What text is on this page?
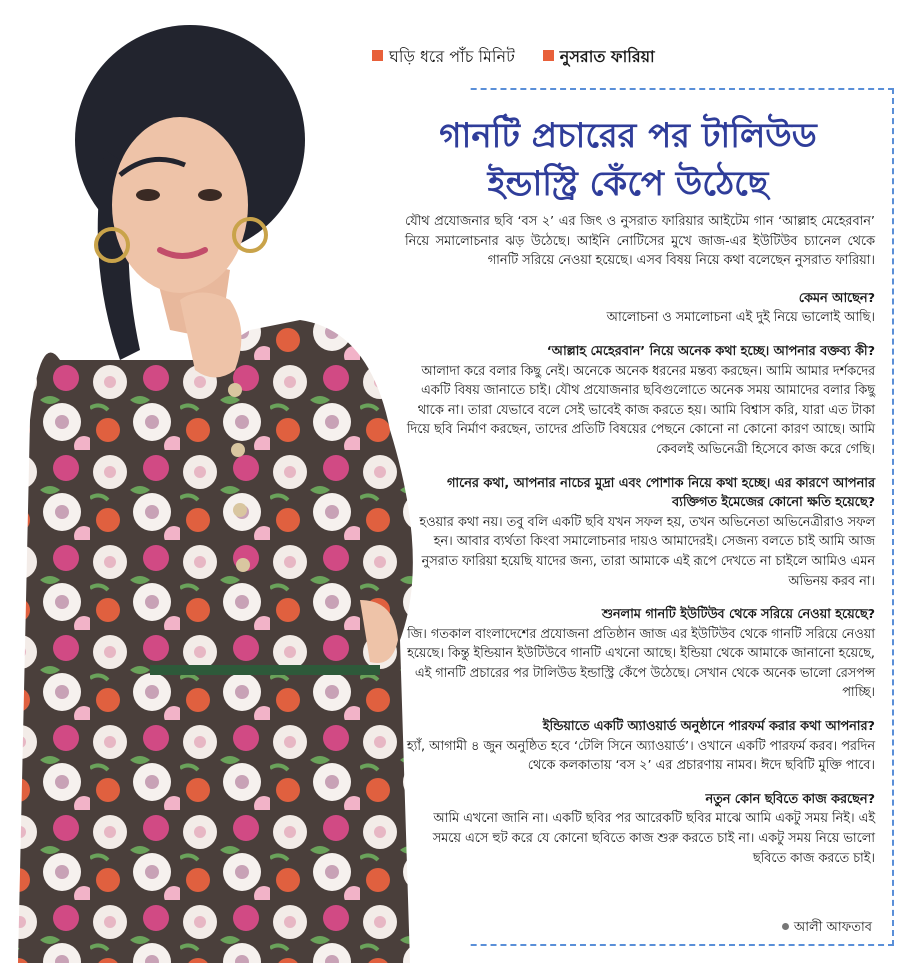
ঘড়ি ধরে পাঁচ মিনিট	নুসরাত ফারিয়া
গানটি প্রচারের পর টালিউড
ইন্ডাস্ট্রি কেঁপে উঠেছে

যৌথ প্রযোজনার ছবি ‘বস ২’ এর জিৎ ও নুসরাত ফারিয়ার আইটেম গান ‘আল্লাহ মেহেরবান’ নিয়ে সমালোচনার ঝড় উঠেছে। আইনি নোটিসের মুখে জাজ-এর ইউটিউব চ্যানেল থেকে গানটি সরিয়ে নেওয়া হয়েছে। এসব বিষয় নিয়ে কথা বলেছেন নুসরাত ফারিয়া।

কেমন আছেন?

আলোচনা ও সমালোচনা এই দুই নিয়ে ভালোই আছি।

‘আল্লাহ মেহেরবান’ নিয়ে অনেক কথা হচ্ছে। আপনার বক্তব্য কী?

আলাদা করে বলার কিছু নেই। অনেকে অনেক ধরনের মন্তব্য করছেন। আমি আমার দর্শকদের একটি বিষয় জানাতে চাই। যৌথ প্রযোজনার ছবিগুলোতে অনেক সময় আমাদের বলার কিছু থাকে না। তারা যেভাবে বলে সেই ভাবেই কাজ করতে হয়। আমি বিশ্বাস করি, যারা এত টাকা দিয়ে ছবি নির্মাণ করছেন, তাদের প্রতিটি বিষয়ের পেছনে কোনো না কোনো কারণ আছে। আমি কেবলই অভিনেত্রী হিসেবে কাজ করে গেছি।

গানের কথা, আপনার নাচের মুদ্রা এবং পোশাক নিয়ে কথা হচ্ছে। এর কারণে আপনার ব্যক্তিগত ইমেজের কোনো ক্ষতি হয়েছে?

হওয়ার কথা নয়। তবু বলি একটি ছবি যখন সফল হয়, তখন অভিনেতা অভিনেত্রীরাও সফল হন। আবার ব্যর্থতা কিংবা সমালোচনার দায়ও আমাদেরই। সেজন্য বলতে চাই আমি আজ নুসরাত ফারিয়া হয়েছি যাদের জন্য, তারা আমাকে এই রূপে দেখতে না চাইলে আমিও এমন অভিনয় করব না।

শুনলাম গানটি ইউটিউব থেকে সরিয়ে নেওয়া হয়েছে?

জি। গতকাল বাংলাদেশের প্রযোজনা প্রতিষ্ঠান জাজ এর ইউটিউব থেকে গানটি সরিয়ে নেওয়া হয়েছে। কিন্তু ইন্ডিয়ান ইউটিউবে গানটি এখনো আছে। ইন্ডিয়া থেকে আমাকে জানানো হয়েছে, এই গানটি প্রচারের পর টালিউড ইন্ডাস্ট্রি কেঁপে উঠেছে। সেখান থেকে অনেক ভালো রেসপন্স পাচ্ছি।

ইন্ডিয়াতে একটি অ্যাওয়ার্ড অনুষ্ঠানে পারফর্ম করার কথা আপনার?

হ্যাঁ, আগামী ৪ জুন অনুষ্ঠিত হবে ‘টেলি সিনে অ্যাওয়ার্ড’। ওখানে একটি পারফর্ম করব। পরদিন থেকে কলকাতায় ‘বস ২’ এর প্রচারণায় নামব। ঈদে ছবিটি মুক্তি পাবে।

নতুন কোন ছবিতে কাজ করছেন?

আমি এখনো জানি না। একটি ছবির পর আরেকটি ছবির মাঝে আমি একটু সময় নিই। এই সময়ে এসে হুট করে যে কোনো ছবিতে কাজ শুরু করতে চাই না। একটু সময় নিয়ে ভালো ছবিতে কাজ করতে চাই।

আলী আফতাব
